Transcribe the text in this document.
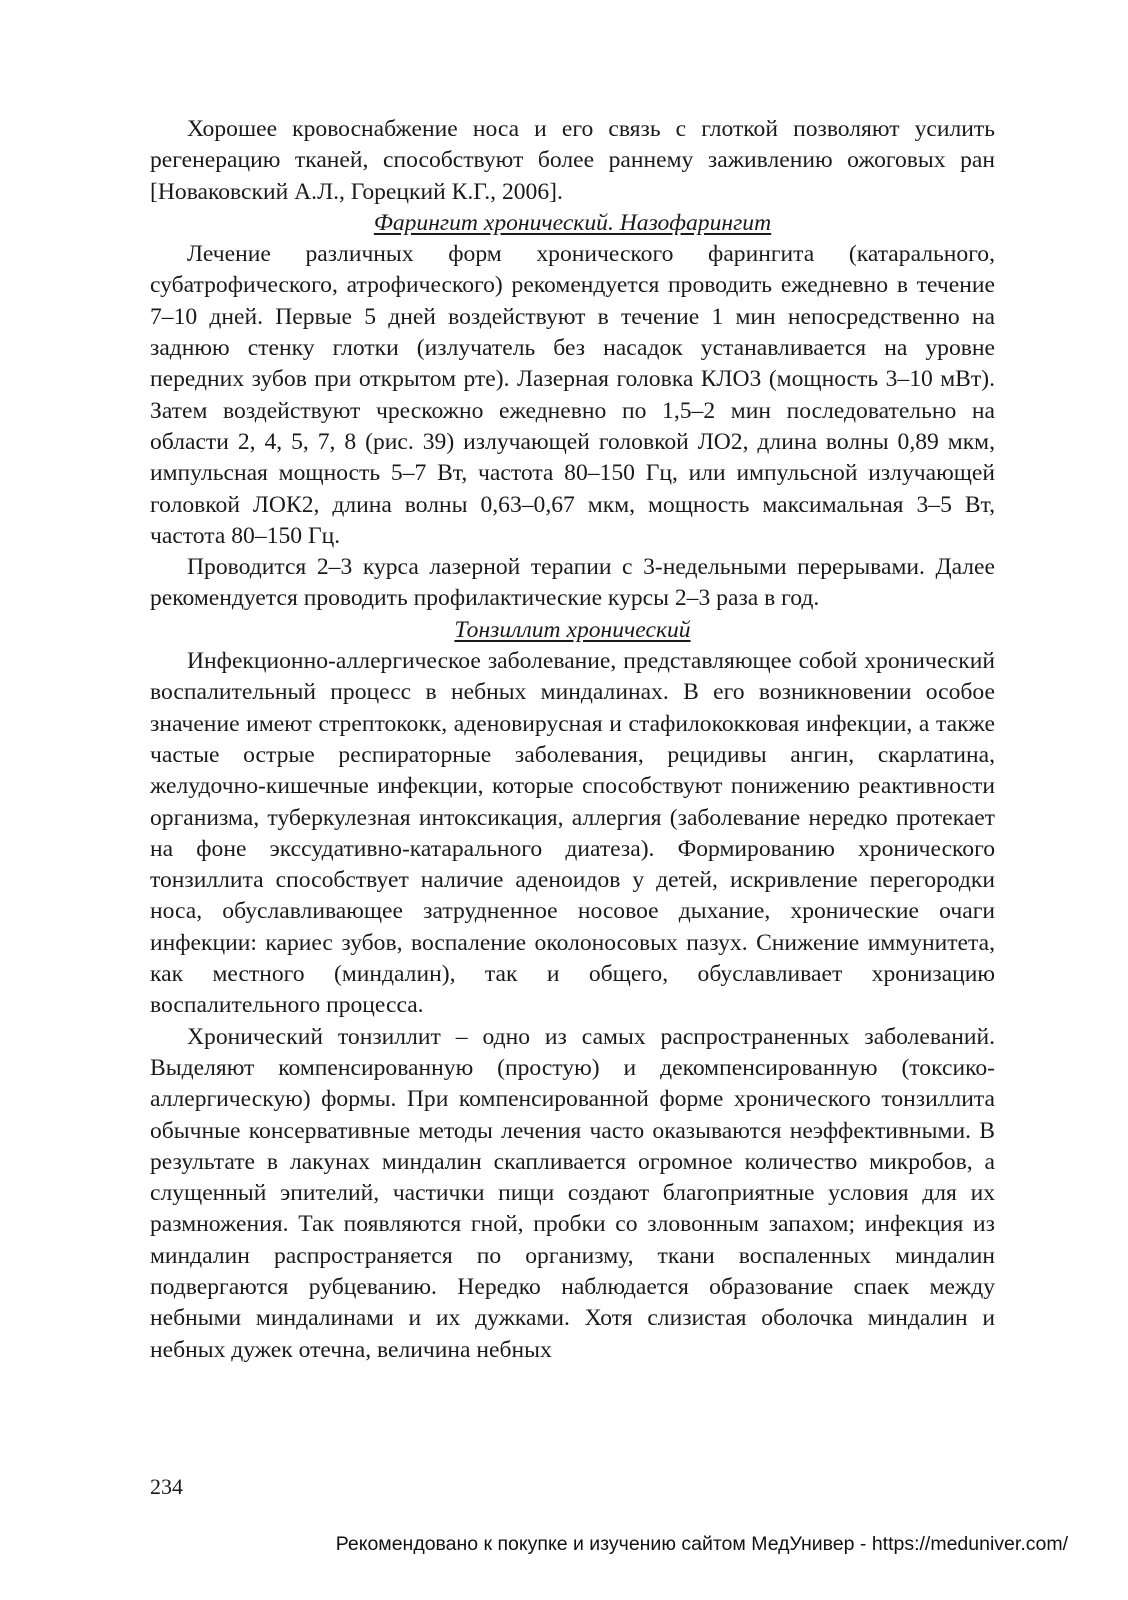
Хорошее кровоснабжение носа и его связь с глоткой позволяют усилить регенерацию тканей, способствуют более раннему заживлению ожоговых ран [Новаковский А.Л., Горецкий К.Г., 2006].

Фарингит хронический. Назофарингит

Лечение различных форм хронического фарингита (катарального, субатрофического, атрофического) рекомендуется проводить ежедневно в течение 7–10 дней. Первые 5 дней воздействуют в течение 1 мин непосредственно на заднюю стенку глотки (излучатель без насадок устанавливается на уровне передних зубов при открытом рте). Лазерная головка КЛО3 (мощность 3–10 мВт). Затем воздействуют чрескожно ежедневно по 1,5–2 мин последовательно на области 2, 4, 5, 7, 8 (рис. 39) излучающей головкой ЛО2, длина волны 0,89 мкм, импульсная мощность 5–7 Вт, частота 80–150 Гц, или импульсной излучающей головкой ЛОК2, длина волны 0,63–0,67 мкм, мощность максимальная 3–5 Вт, частота 80–150 Гц.

Проводится 2–3 курса лазерной терапии с 3-недельными перерывами. Далее рекомендуется проводить профилактические курсы 2–3 раза в год.

Тонзиллит хронический

Инфекционно-аллергическое заболевание, представляющее собой хронический воспалительный процесс в небных миндалинах. В его возникновении особое значение имеют стрептококк, аденовирусная и стафилококковая инфекции, а также частые острые респираторные заболевания, рецидивы ангин, скарлатина, желудочно-кишечные инфекции, которые способствуют понижению реактивности организма, туберкулезная интоксикация, аллергия (заболевание нередко протекает на фоне экссудативно-катарального диатеза). Формированию хронического тонзиллита способствует наличие аденоидов у детей, искривление перегородки носа, обуславливающее затрудненное носовое дыхание, хронические очаги инфекции: кариес зубов, воспаление околоносовых пазух. Снижение иммунитета, как местного (миндалин), так и общего, обуславливает хронизацию воспалительного процесса.

Хронический тонзиллит – одно из самых распространенных заболеваний. Выделяют компенсированную (простую) и декомпенсированную (токсико-аллергическую) формы. При компенсированной форме хронического тонзиллита обычные консервативные методы лечения часто оказываются неэффективными. В результате в лакунах миндалин скапливается огромное количество микробов, а слущенный эпителий, частички пищи создают благоприятные условия для их размножения. Так появляются гной, пробки со зловонным запахом; инфекция из миндалин распространяется по организму, ткани воспаленных миндалин подвергаются рубцеванию. Нередко наблюдается образование спаек между небными миндалинами и их дужками. Хотя слизистая оболочка миндалин и небных дужек отечна, величина небных

234
Рекомендовано к покупке и изучению сайтом МедУнивер - https://meduniver.com/
